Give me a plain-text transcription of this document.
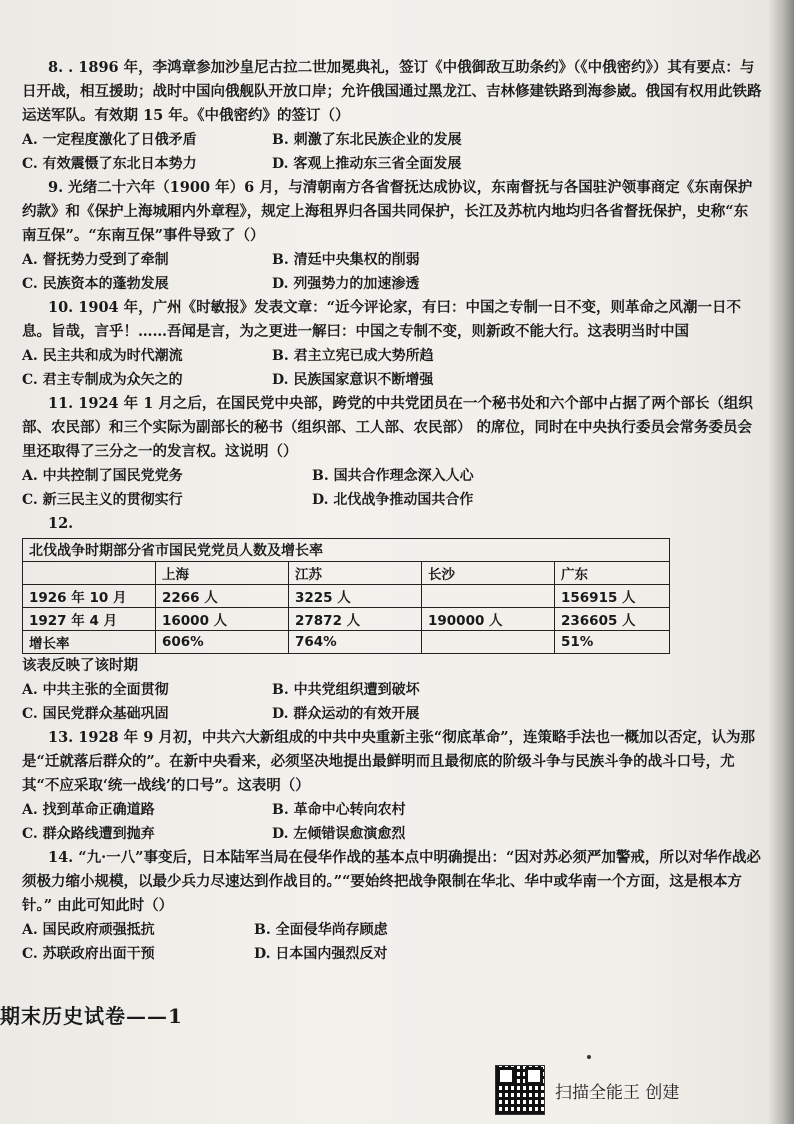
8. . 1896 年，李鸿章参加沙皇尼古拉二世加冕典礼，签订《中俄御敌互助条约》（《中俄密约》）其有要点：与日开战，相互援助；战时中国向俄舰队开放口岸；允许俄国通过黑龙江、吉林修建铁路到海参崴。俄国有权用此铁路运送军队。有效期 15 年。《中俄密约》的签订（）

A. 一定程度激化了日俄矛盾	B. 刺激了东北民族企业的发展
C. 有效震慑了东北日本势力	D. 客观上推动东三省全面发展

9. 光绪二十六年（1900 年）6 月，与清朝南方各省督抚达成协议，东南督抚与各国驻沪领事商定《东南保护约款》和《保护上海城厢内外章程》，规定上海租界归各国共同保护，长江及苏杭内地均归各省督抚保护，史称“东南互保”。“东南互保”事件导致了（）

A. 督抚势力受到了牵制	B. 清廷中央集权的削弱
C. 民族资本的蓬勃发展	D. 列强势力的加速渗透

10. 1904 年，广州《时敏报》发表文章：“近今评论家，有曰：中国之专制一日不变，则革命之风潮一日不息。旨哉，言乎！……吾闻是言，为之更进一解曰：中国之专制不变，则新政不能大行。这表明当时中国

A. 民主共和成为时代潮流	B. 君主立宪已成大势所趋
C. 君主专制成为众矢之的	D. 民族国家意识不断增强

11. 1924 年 1 月之后，在国民党中央部，跨党的中共党团员在一个秘书处和六个部中占据了两个部长（组织部、农民部）和三个实际为副部长的秘书（组织部、工人部、农民部） 的席位，同时在中央执行委员会常务委员会里还取得了三分之一的发言权。这说明（）

A. 中共控制了国民党党务	B. 国共合作理念深入人心
C. 新三民主义的贯彻实行	D. 北伐战争推动国共合作

12.

北伐战争时期部分省市国民党党员人数及增长率				
	上海	江苏	长沙	广东
1926 年 10 月	2266 人	3225 人		156915 人
1927 年 4 月	16000 人	27872 人	190000 人	236605 人
增长率	606%	764%		51%

该表反映了该时期

A. 中共主张的全面贯彻	B. 中共党组织遭到破坏
C. 国民党群众基础巩固	D. 群众运动的有效开展

13. 1928 年 9 月初，中共六大新组成的中共中央重新主张“彻底革命”，连策略手法也一概加以否定，认为那是“迁就落后群众的”。在新中央看来，必须坚决地提出最鲜明而且最彻底的阶级斗争与民族斗争的战斗口号，尤其“不应采取‘统一战线’的口号”。这表明（）

A. 找到革命正确道路	B. 革命中心转向农村
C. 群众路线遭到抛弃	D. 左倾错误愈演愈烈

14. “九·一八”事变后，日本陆军当局在侵华作战的基本点中明确提出：“因对苏必须严加警戒，所以对华作战必须极力缩小规模，以最少兵力尽速达到作战目的。”“要始终把战争限制在华北、华中或华南一个方面，这是根本方针。” 由此可知此时（）

A. 国民政府顽强抵抗	B. 全面侵华尚存顾虑
C. 苏联政府出面干预	D. 日本国内强烈反对
期末历史试卷——1
扫描全能王 创建
